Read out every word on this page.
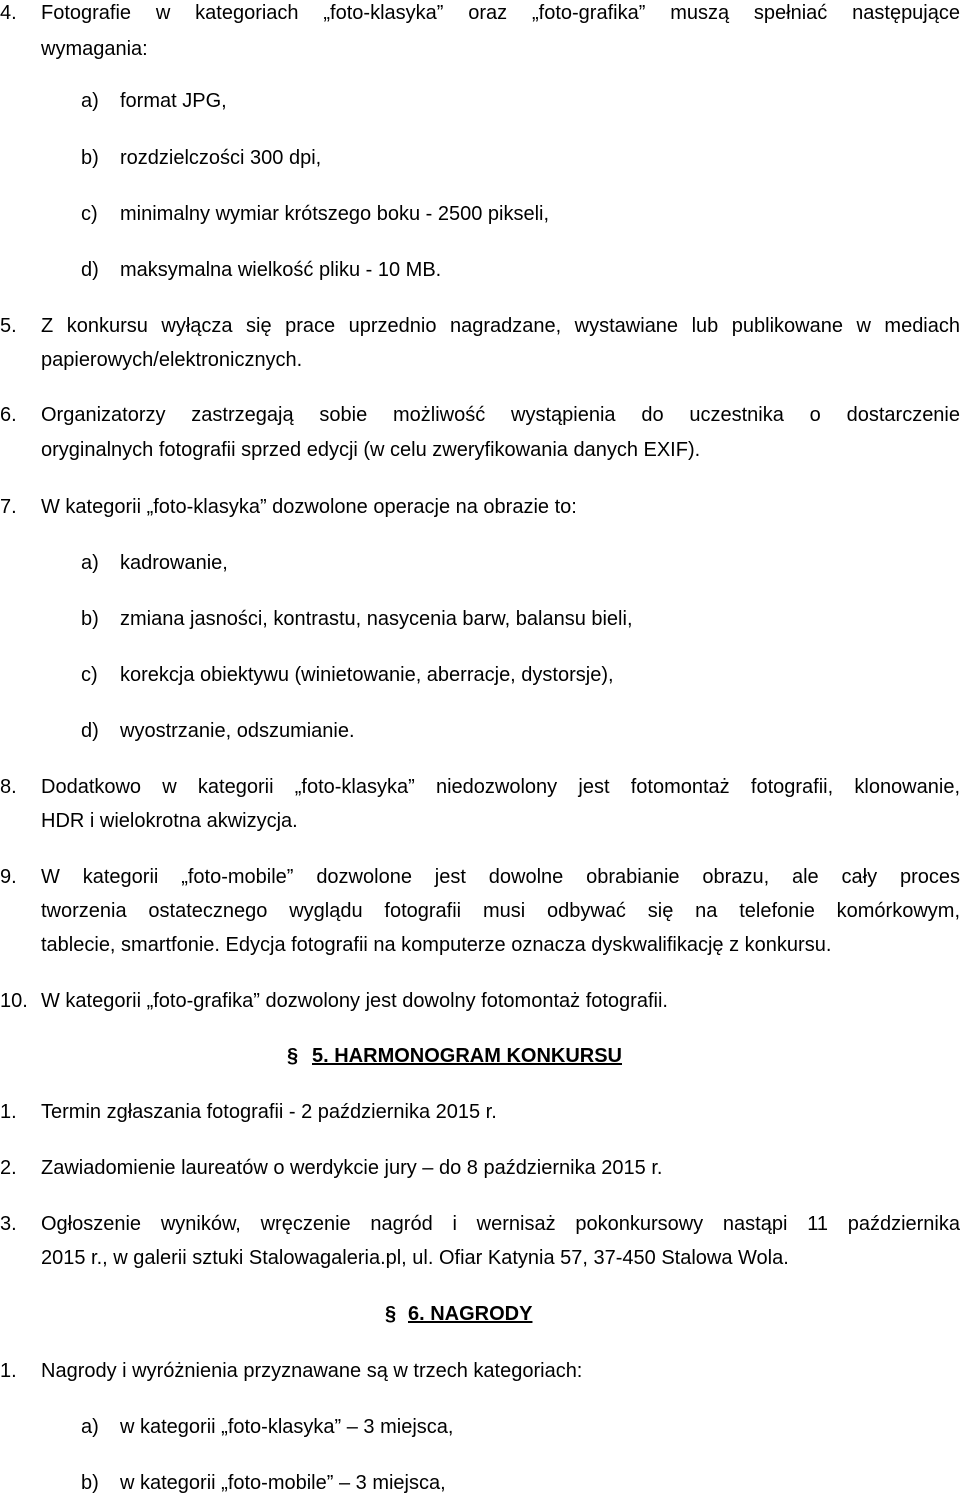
4. Fotografie w kategoriach „foto-klasyka” oraz „foto-grafika” muszą spełniać następujące
wymagania:
a) format JPG,
b) rozdzielczości 300 dpi,
c) minimalny wymiar krótszego boku - 2500 pikseli,
d) maksymalna wielkość pliku - 10 MB.
5. Z konkursu wyłącza się prace uprzednio nagradzane, wystawiane lub publikowane w mediach
papierowych/elektronicznych.
6. Organizatorzy zastrzegają sobie możliwość wystąpienia do uczestnika o dostarczenie
oryginalnych fotografii sprzed edycji (w celu zweryfikowania danych EXIF).
7. W kategorii „foto-klasyka” dozwolone operacje na obrazie to:
a) kadrowanie,
b) zmiana jasności, kontrastu, nasycenia barw, balansu bieli,
c) korekcja obiektywu (winietowanie, aberracje, dystorsje),
d) wyostrzanie, odszumianie.
8. Dodatkowo w kategorii „foto-klasyka” niedozwolony jest fotomontaż fotografii, klonowanie,
HDR i wielokrotna akwizycja.
9. W kategorii „foto-mobile” dozwolone jest dowolne obrabianie obrazu, ale cały proces
tworzenia ostatecznego wyglądu fotografii musi odbywać się na telefonie komórkowym,
tablecie, smartfonie. Edycja fotografii na komputerze oznacza dyskwalifikację z konkursu.
10. W kategorii „foto-grafika” dozwolony jest dowolny fotomontaż fotografii.
§ 5. HARMONOGRAM KONKURSU
1. Termin zgłaszania fotografii - 2 października 2015 r.
2. Zawiadomienie laureatów o werdykcie jury – do 8 października 2015 r.
3. Ogłoszenie wyników, wręczenie nagród i wernisaż pokonkursowy nastąpi 11 października
2015 r., w galerii sztuki Stalowagaleria.pl, ul. Ofiar Katynia 57, 37-450 Stalowa Wola.
§ 6. NAGRODY
1. Nagrody i wyróżnienia przyznawane są w trzech kategoriach:
a) w kategorii „foto-klasyka” – 3 miejsca,
b) w kategorii „foto-mobile” – 3 miejsca,
